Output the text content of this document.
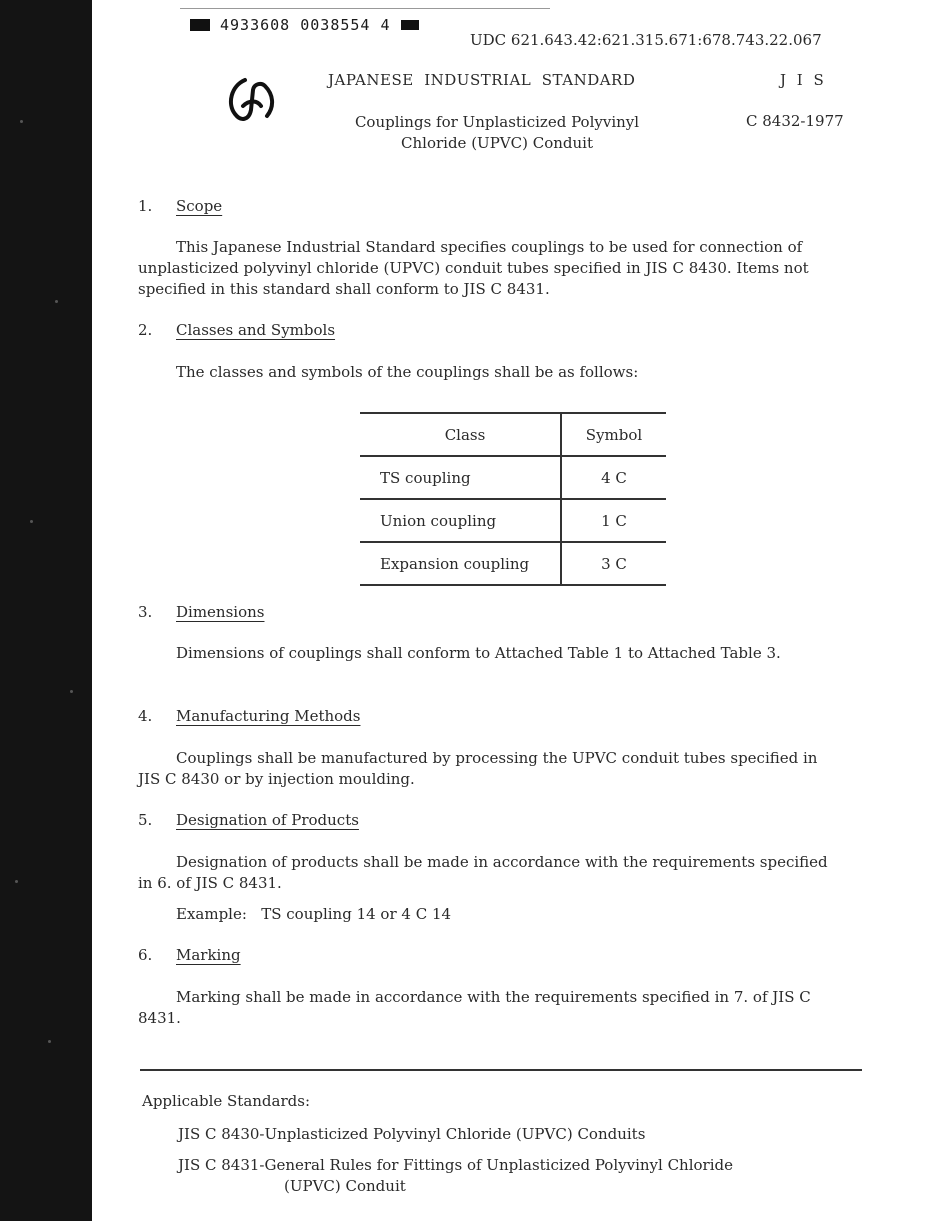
4933608 0038554 4
UDC 621.643.42:621.315.671:678.743.22.067
JAPANESE  INDUSTRIAL  STANDARD	J I S
Couplings for Unplasticized Polyvinyl
Chloride (UPVC) Conduit
C 8432-1977
1. Scope
This Japanese Industrial Standard specifies couplings to be used for connection of unplasticized polyvinyl chloride (UPVC) conduit tubes specified in JIS C 8430. Items not specified in this standard shall conform to JIS C 8431.
2. Classes and Symbols
The classes and symbols of the couplings shall be as follows:
Class	Symbol
TS coupling	4 C
Union coupling	1 C
Expansion coupling	3 C
3. Dimensions
Dimensions of couplings shall conform to Attached Table 1 to Attached Table 3.
4. Manufacturing Methods
Couplings shall be manufactured by processing the UPVC conduit tubes specified in JIS C 8430 or by injection moulding.
5. Designation of Products
Designation of products shall be made in accordance with the requirements specified in 6. of JIS C 8431.
Example:   TS coupling 14 or 4 C 14
6. Marking
Marking shall be made in accordance with the requirements specified in 7. of JIS C 8431.
Applicable Standards:
JIS C 8430-Unplasticized Polyvinyl Chloride (UPVC) Conduits
JIS C 8431-General Rules for Fittings of Unplasticized Polyvinyl Chloride
(UPVC) Conduit
